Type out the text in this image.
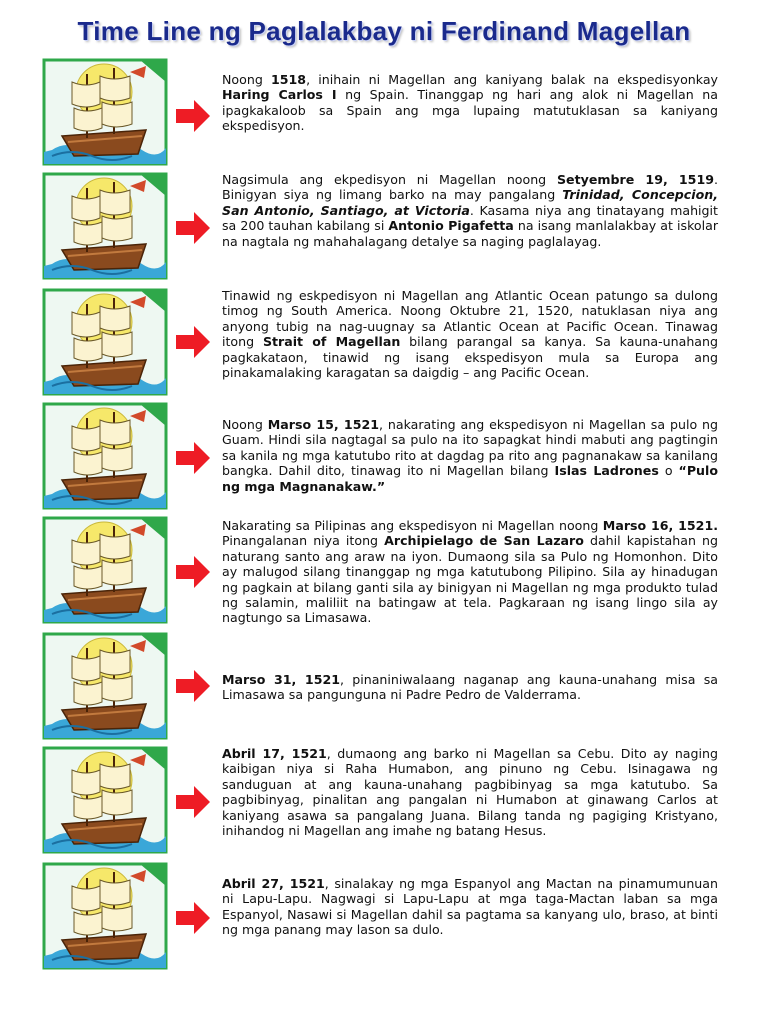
Time Line ng Paglalakbay ni Ferdinand Magellan
Noong 1518, inihain ni Magellan ang kaniyang balak na ekspedisyonkay Haring Carlos I ng Spain. Tinanggap ng hari ang alok ni Magellan na ipagkakaloob sa Spain ang mga lupaing matutuklasan sa kaniyang ekspedisyon.
Nagsimula ang ekpedisyon ni Magellan noong Setyembre 19, 1519. Binigyan siya ng limang barko na may pangalang Trinidad, Concepcion, San Antonio, Santiago, at Victoria. Kasama niya ang tinatayang mahigit sa 200 tauhan kabilang si Antonio Pigafetta na isang manlalakbay at iskolar na nagtala ng mahahalagang detalye sa naging paglalayag.
Tinawid ng eskpedisyon ni Magellan ang Atlantic Ocean patungo sa dulong timog ng South America. Noong Oktubre 21, 1520, natuklasan niya ang anyong tubig na nag-uugnay sa Atlantic Ocean at Pacific Ocean. Tinawag itong Strait of Magellan bilang parangal sa kanya. Sa kauna-unahang pagkakataon, tinawid ng isang ekspedisyon mula sa Europa ang pinakamalaking karagatan sa daigdig – ang Pacific Ocean.
Noong Marso 15, 1521, nakarating ang ekspedisyon ni Magellan sa pulo ng Guam. Hindi sila nagtagal sa pulo na ito sapagkat hindi mabuti ang pagtingin sa kanila ng mga katutubo rito at dagdag pa rito ang pagnanakaw sa kanilang bangka. Dahil dito, tinawag ito ni Magellan bilang Islas Ladrones o “Pulo ng mga Magnanakaw.”
Nakarating sa Pilipinas ang ekspedisyon ni Magellan noong Marso 16, 1521. Pinangalanan niya itong Archipielago de San Lazaro dahil kapistahan ng naturang santo ang araw na iyon. Dumaong sila sa Pulo ng Homonhon. Dito ay malugod silang tinanggap ng mga katutubong Pilipino. Sila ay hinadugan ng pagkain at bilang ganti sila ay binigyan ni Magellan ng mga produkto tulad ng salamin, maliliit na batingaw at tela. Pagkaraan ng isang lingo sila ay nagtungo sa Limasawa.
Marso 31, 1521, pinaniniwalaang naganap ang kauna-unahang misa sa Limasawa sa pangunguna ni Padre Pedro de Valderrama.
Abril 17, 1521, dumaong ang barko ni Magellan sa Cebu. Dito ay naging kaibigan niya si Raha Humabon, ang pinuno ng Cebu. Isinagawa ng sanduguan at ang kauna-unahang pagbibinyag sa mga katutubo. Sa pagbibinyag, pinalitan ang pangalan ni Humabon at ginawang Carlos at kaniyang asawa sa pangalang Juana. Bilang tanda ng pagiging Kristyano, inihandog ni Magellan ang imahe ng batang Hesus.
Abril 27, 1521, sinalakay ng mga Espanyol ang Mactan na pinamumunuan ni Lapu-Lapu. Nagwagi si Lapu-Lapu at mga taga-Mactan laban sa mga Espanyol, Nasawi si Magellan dahil sa pagtama sa kanyang ulo, braso, at binti ng mga panang may lason sa dulo.
